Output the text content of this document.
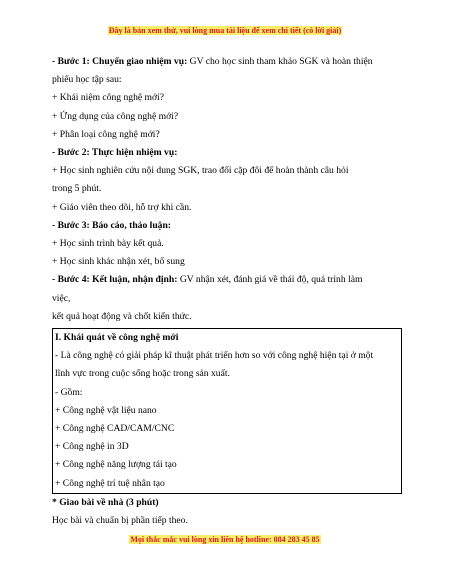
Đây là bản xem thử, vui lòng mua tài liệu để xem chi tiết (có lời giải)
- Bước 1: Chuyển giao nhiệm vụ: GV cho học sinh tham khảo SGK và hoàn thiện
phiếu học tập sau:
+ Khái niệm công nghệ mới?
+ Ứng dụng của công nghệ mới?
+ Phân loại công nghệ mới?
- Bước 2: Thực hiện nhiệm vụ:
+ Học sinh nghiên cứu nội dung SGK, trao đổi cặp đôi để hoàn thành câu hỏi
trong 5 phút.
+ Giáo viên theo dõi, hỗ trợ khi cần.
- Bước 3: Báo cáo, thảo luận:
+ Học sinh trình bày kết quả.
+ Học sinh khác nhận xét, bổ sung
- Bước 4: Kết luận, nhận định: GV nhận xét, đánh giá về thái độ, quá trình làm
việc,
kết quả hoạt động và chốt kiến thức.
I. Khái quát về công nghệ mới
- Là công nghệ có giải pháp kĩ thuật phát triển hơn so với công nghệ hiện tại ở một
lĩnh vực trong cuộc sống hoặc trong sản xuất.
- Gồm:
+ Công nghệ vật liệu nano
+ Công nghệ CAD/CAM/CNC
+ Công nghệ in 3D
+ Công nghệ năng lượng tái tạo
+ Công nghệ trí tuệ nhân tạo
* Giao bài về nhà (3 phút)
Học bài và chuẩn bị phần tiếp theo.
Mọi thắc mắc vui lòng xin liên hệ hotline: 084 283 45 85
